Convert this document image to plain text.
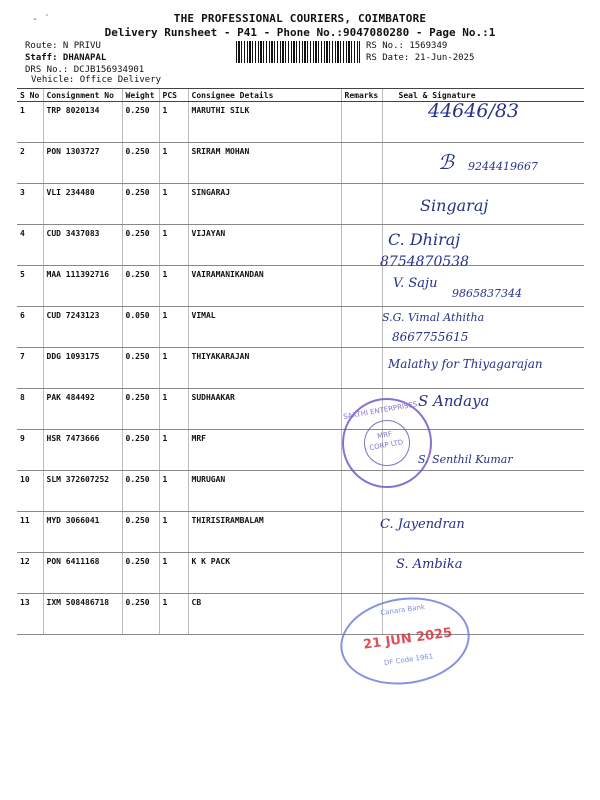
- ˊ	THE PROFESSIONAL COURIERS, COIMBATORE
Delivery Runsheet - P41 - Phone No.:9047080280 - Page No.:1
Route: N PRIVU
Staff: DHANAPAL
DRS No.: DCJB156934901
Vehicle: Office Delivery
RS No.: 1569349
RS Date: 21-Jun-2025
S No	Consignment No	Weight	PCS	Consignee Details	Remarks	Seal & Signature
1	TRP 8020134	0.250	1	MARUTHI SILK		
2	PON 1303727	0.250	1	SRIRAM MOHAN		
3	VLI 234480	0.250	1	SINGARAJ		
4	CUD 3437083	0.250	1	VIJAYAN		
5	MAA 111392716	0.250	1	VAIRAMANIKANDAN		
6	CUD 7243123	0.050	1	VIMAL		
7	DDG 1093175	0.250	1	THIYAKARAJAN		
8	PAK 484492	0.250	1	SUDHAAKAR		
9	HSR 7473666	0.250	1	MRF		
10	SLM 372607252	0.250	1	MURUGAN		
11	MYD 3066041	0.250	1	THIRISIRAMBALAM		
12	PON 6411168	0.250	1	K K PACK		
13	IXM 508486718	0.250	1	CB		
44646/83
ℬ 9244419667
Singaraj
C. Dhiraj
8754870538
V. Saju
9865837344
S.G. Vimal Athitha
8667755615
Malathy for Thiyagarajan
S Andaya
S. Senthil Kumar
C. Jayendran
S. Ambika
SAKTHI ENTERPRISES
MRF CORP LTD
Canara Bank
21 JUN 2025
DF Code 1961
